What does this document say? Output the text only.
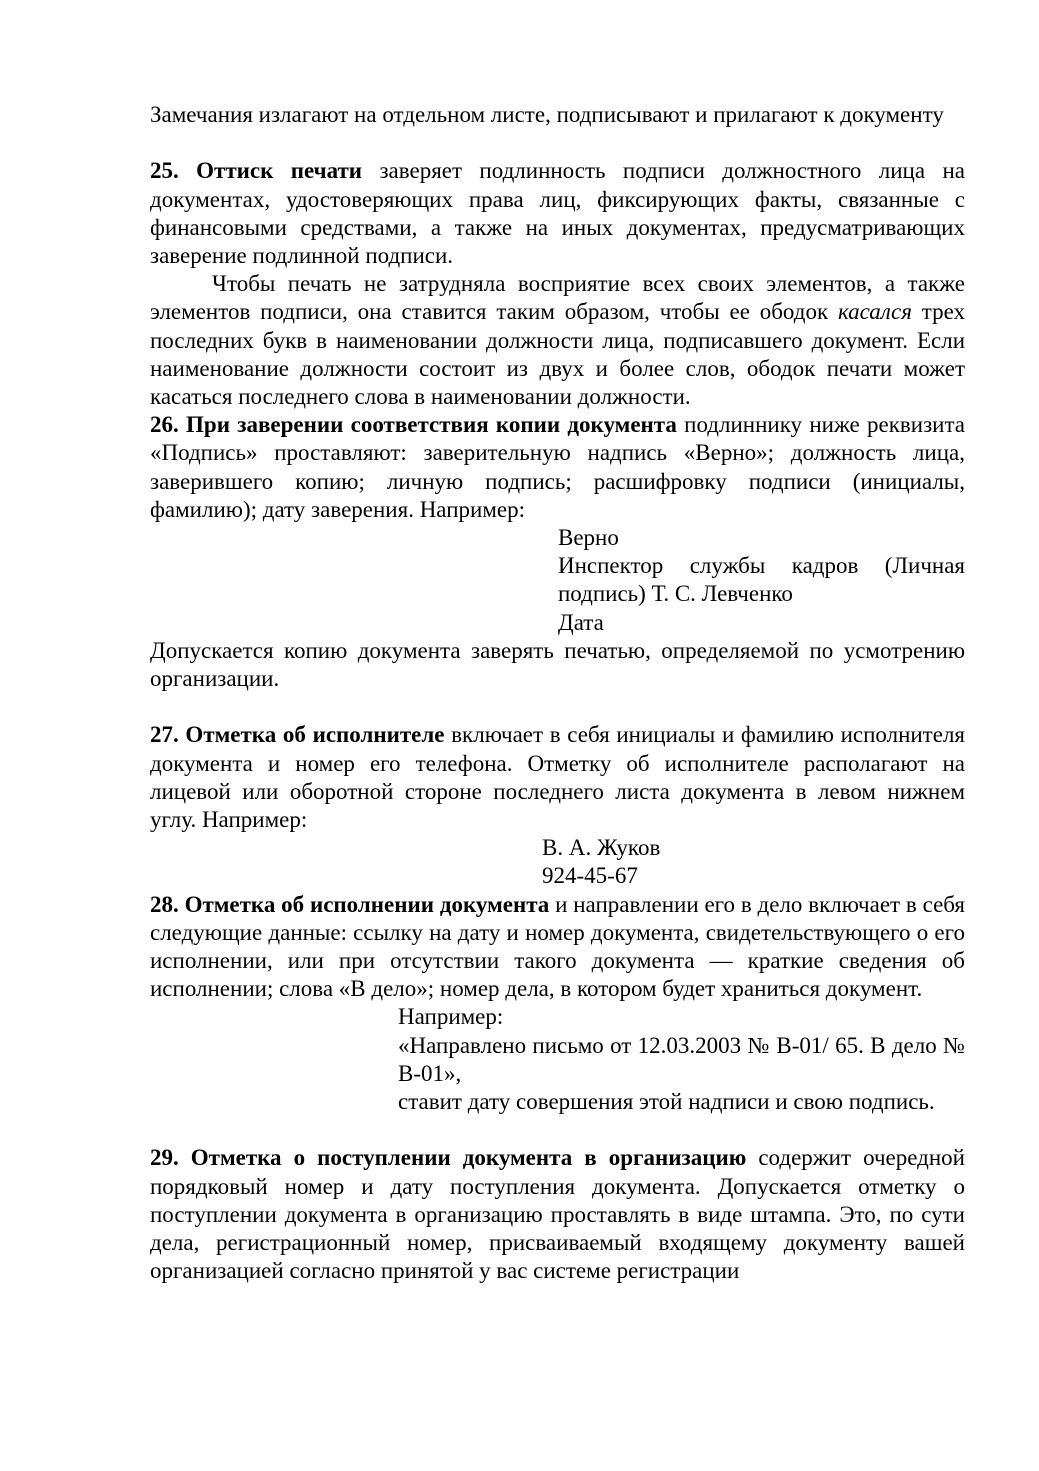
Замечания излагают на отдельном листе, подписывают и прилагают к документу

25. Оттиск печати заверяет подлинность подписи должностного лица на документах, удостоверяющих права лиц, фиксирующих факты, связанные с финансовыми средствами, а также на иных документах, предусматривающих заверение подлинной подписи.

Чтобы печать не затрудняла восприятие всех своих элементов, а также элементов подписи, она ставится таким образом, чтобы ее ободок касался трех последних букв в наименовании должности лица, подписавшего документ. Если наименование должности состоит из двух и более слов, ободок печати может касаться последнего слова в наименовании должности.

26. При заверении соответствия копии документа подлиннику ниже реквизита «Подпись» проставляют: заверительную надпись «Верно»; должность лица, заверившего копию; личную подпись; расшифровку подписи (инициалы, фамилию); дату заверения. Например:

Верно

Инспектор службы кадров (Личная подпись) Т. С. Левченко

Дата

Допускается копию документа заверять печатью, определяемой по усмотрению организации.

27. Отметка об исполнителе включает в себя инициалы и фамилию исполнителя документа и номер его телефона. Отметку об исполнителе располагают на лицевой или оборотной стороне последнего листа документа в левом нижнем углу. Например:

В. А. Жуков

924-45-67

28. Отметка об исполнении документа и направлении его в дело включает в себя следующие данные: ссылку на дату и номер документа, свидетельствующего о его исполнении, или при отсутствии такого документа — краткие сведения об исполнении; слова «В дело»; номер дела, в котором будет храниться документ.

Например:

«Направлено письмо от 12.03.2003 № В-01/ 65. В дело № В-01»,

ставит дату совершения этой надписи и свою подпись.

29. Отметка о поступлении документа в организацию содержит очередной порядковый номер и дату поступления документа. Допускается отметку о поступлении документа в организацию проставлять в виде штампа. Это, по сути дела, регистрационный номер, присваиваемый входящему документу вашей организацией согласно принятой у вас системе регистрации
